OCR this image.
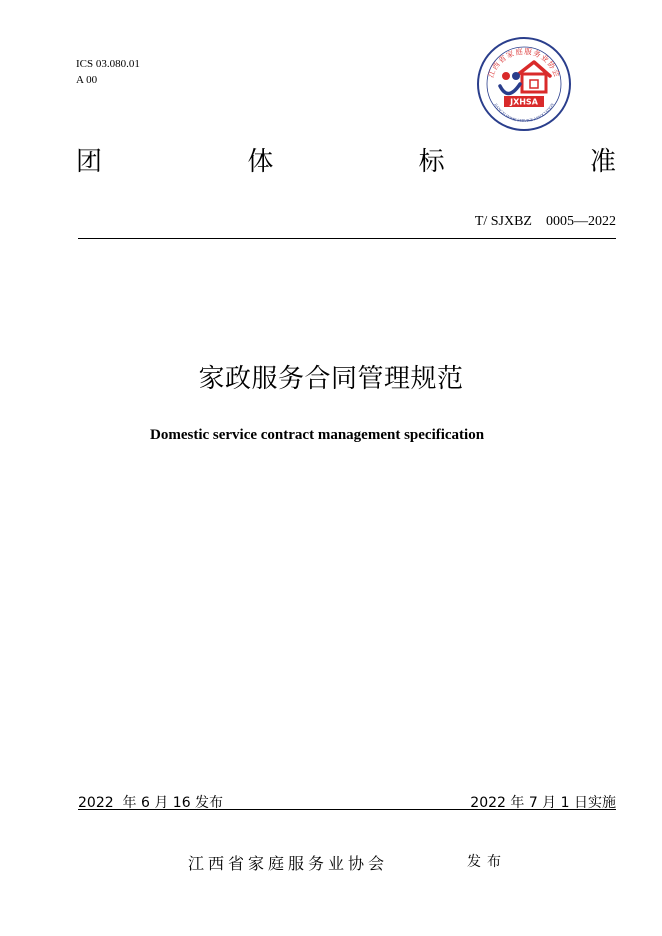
ICS 03.080.01
A 00
江西省家庭服务业协会
JIANGXI HOME SERVICE ASSOCIATION
JXHSA
团	体	标	准
T/ SJXBZ    0005—2022
家政服务合同管理规范
Domestic service contract management specification
2022  年 6 月 16 发布	2022 年 7 月 1 日实施
江西省家庭服务业协会	发布
